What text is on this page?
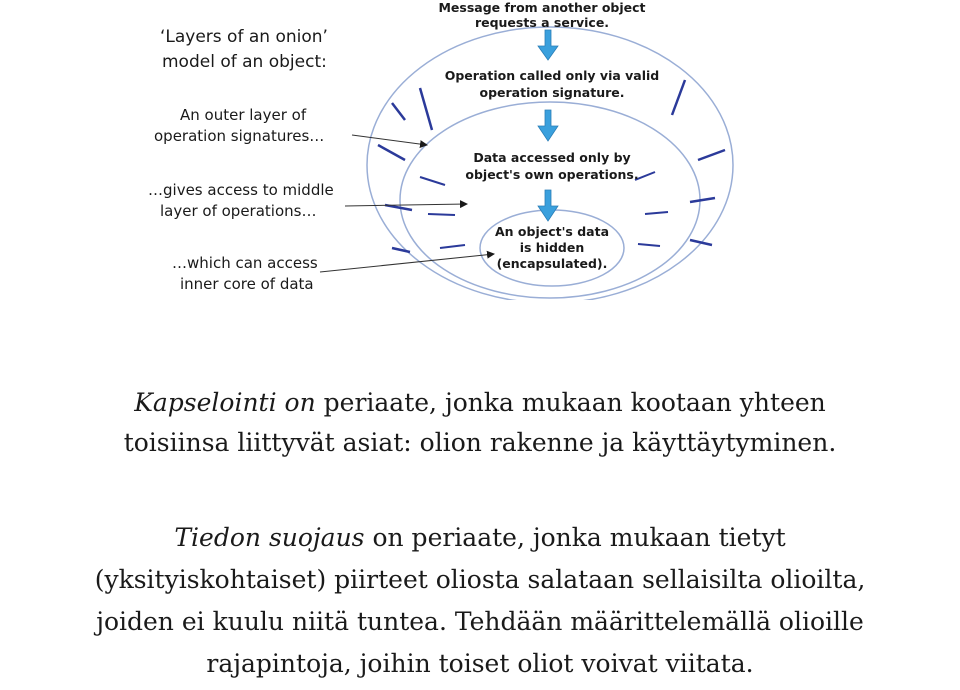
‘Layers of an onion’
model of an object:
An outer layer of
operation signatures…
…gives access to middle
layer of operations…
…which can access
inner core of data
Message from another object
requests a service.
Operation called only via valid
operation signature.
Data accessed only by
object's own operations.
An object's data
is hidden
(encapsulated).
Kapselointi on periaate, jonka mukaan kootaan yhteen
toisiinsa liittyvät asiat: olion rakenne ja käyttäytyminen.
Tiedon suojaus on periaate, jonka mukaan tietyt
(yksityiskohtaiset) piirteet oliosta salataan sellaisilta olioilta,
joiden ei kuulu niitä tuntea. Tehdään määrittelemällä olioille
rajapintoja, joihin toiset oliot voivat viitata.
